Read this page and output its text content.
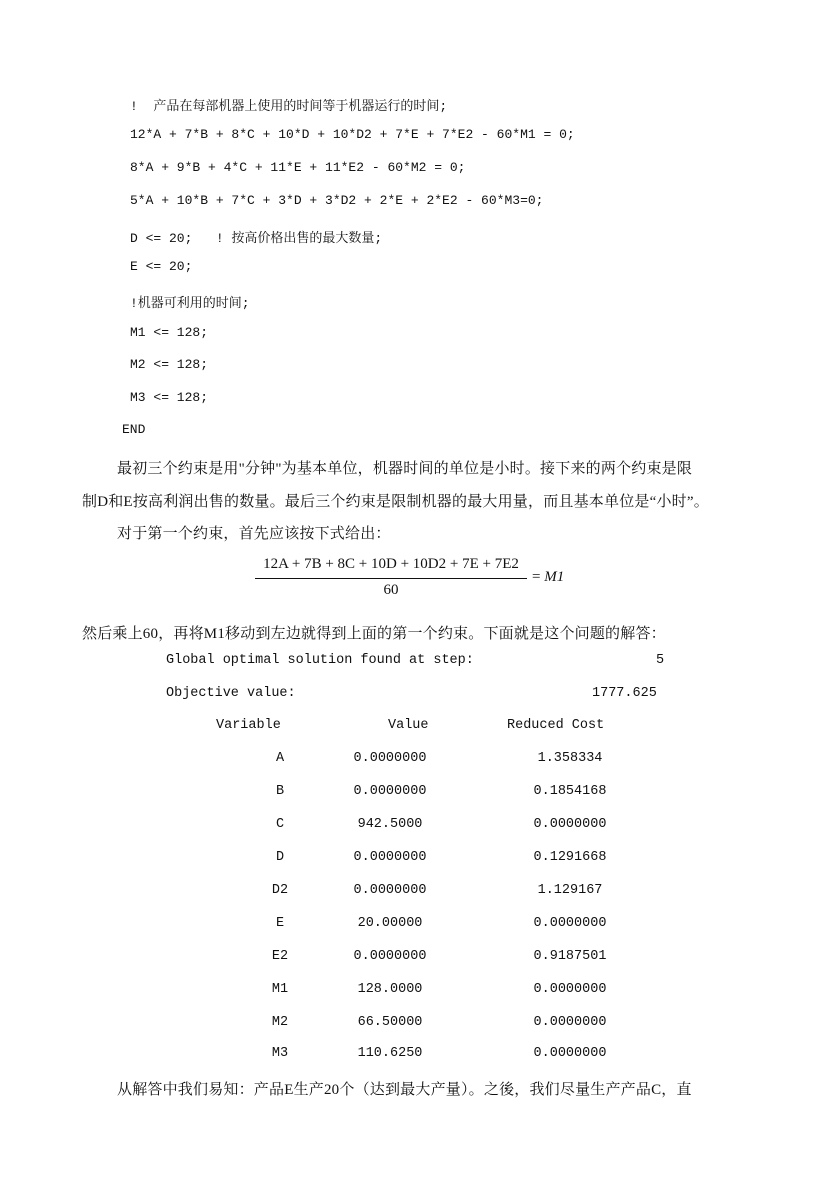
!  产品在每部机器上使用的时间等于机器运行的时间;
12*A + 7*B + 8*C + 10*D + 10*D2 + 7*E + 7*E2 - 60*M1 = 0;
8*A + 9*B + 4*C + 11*E + 11*E2 - 60*M2 = 0;
5*A + 10*B + 7*C + 3*D + 3*D2 + 2*E + 2*E2 - 60*M3=0;
D <= 20;   ! 按高价格出售的最大数量;
E <= 20;
!机器可利用的时间;
M1 <= 128;
M2 <= 128;
M3 <= 128;
END
最初三个约束是用"分钟"为基本单位，机器时间的单位是小时。接下来的两个约束是限
制D和E按高利润出售的数量。最后三个约束是限制机器的最大用量，而且基本单位是“小时”。
对于第一个约束，首先应该按下式给出：
12A + 7B + 8C + 10D + 10D2 + 7E + 7E2
60
= M1
然后乘上60，再将M1移动到左边就得到上面的第一个约束。下面就是这个问题的解答：
Global optimal solution found at step:	5
Objective value:	1777.625
Variable	Value	Reduced Cost
A	0.0000000	1.358334
B	0.0000000	0.1854168
C	942.5000	0.0000000
D	0.0000000	0.1291668
D2	0.0000000	1.129167
E	20.00000	0.0000000
E2	0.0000000	0.9187501
M1	128.0000	0.0000000
M2	66.50000	0.0000000
M3	110.6250	0.0000000
从解答中我们易知：产品E生产20个（达到最大产量）。之後，我们尽量生产产品C，直
